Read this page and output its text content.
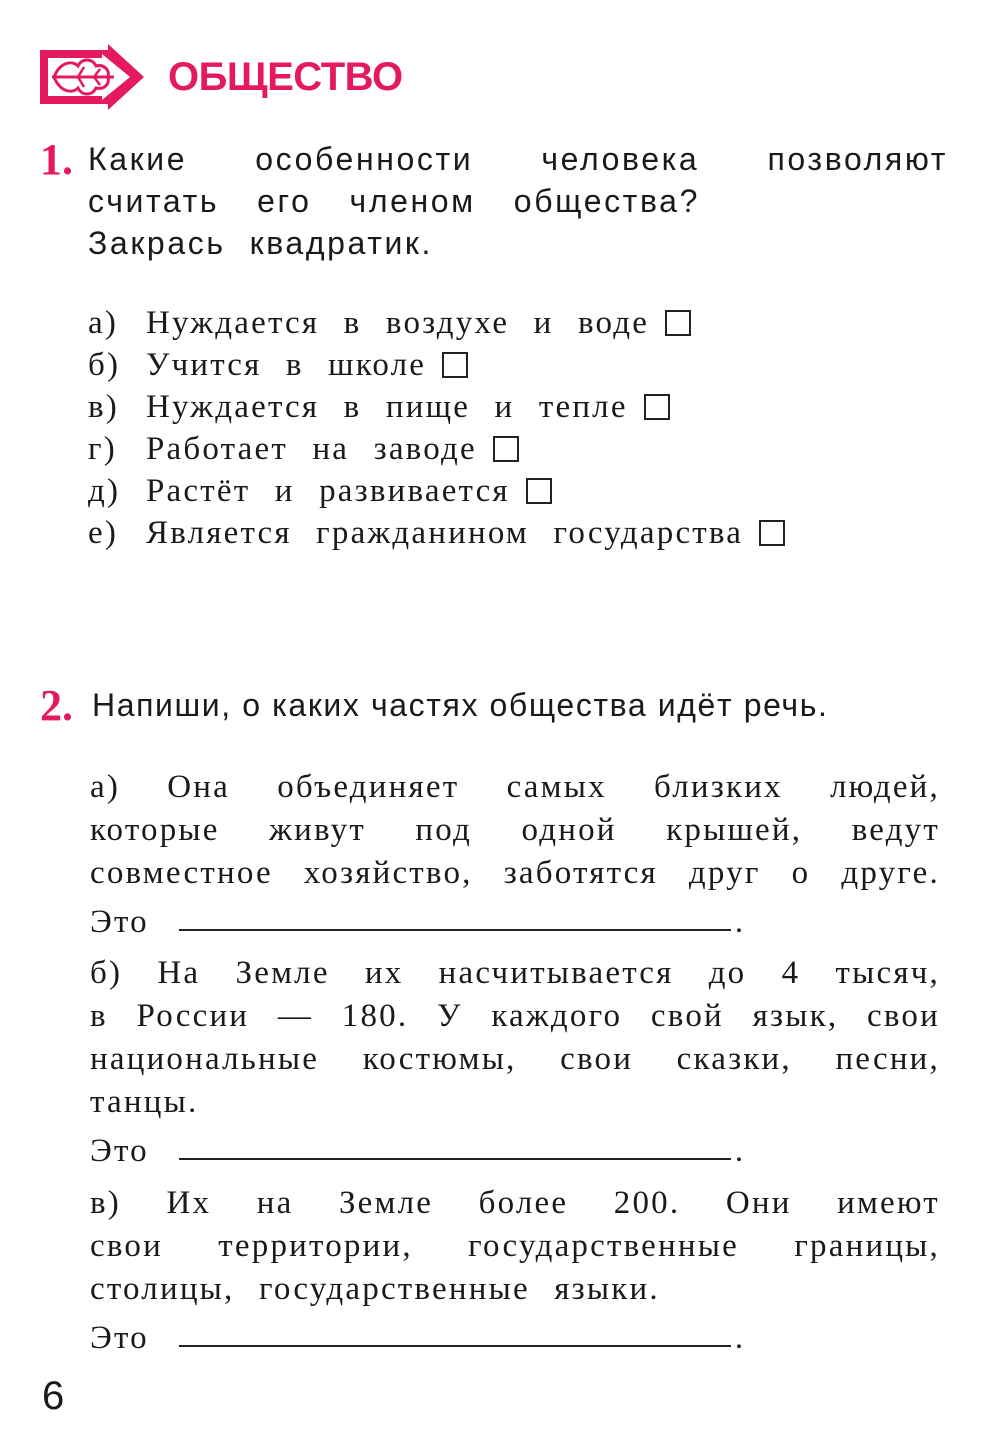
ОБЩЕСТВО
1. Какие особенности человека позволяют
считать его членом общества?
Закрась квадратик.
а) Нуждается в воздухе и воде
б) Учится в школе
в) Нуждается в пище и тепле
г) Работает на заводе
д) Растёт и развивается
е) Является гражданином государства
2. Напиши, о каких частях общества идёт речь.
а) Она объединяет самых близких людей,
которые живут под одной крышей, ведут
совместное хозяйство, заботятся друг о друге.
Это	.
б) На Земле их насчитывается до 4 тысяч,
в России — 180. У каждого свой язык, свои
национальные костюмы, свои сказки, песни,
танцы.
Это	.
в) Их на Земле более 200. Они имеют
свои территории, государственные границы,
столицы, государственные языки.
Это	.
6
